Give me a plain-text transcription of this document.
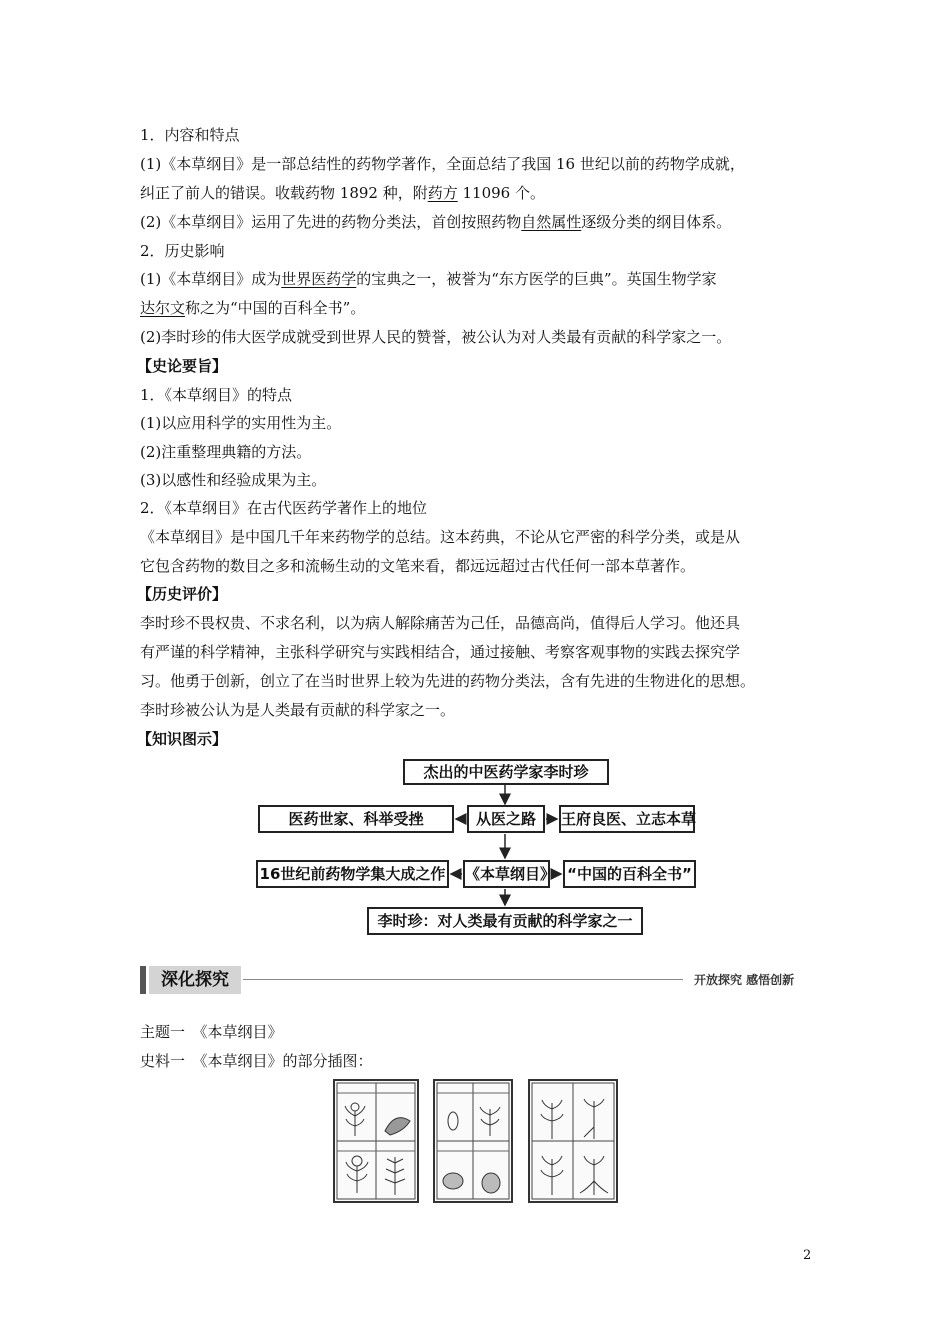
1．内容和特点
(1)《本草纲目》是一部总结性的药物学著作，全面总结了我国 16 世纪以前的药物学成就，
纠正了前人的错误。收载药物 1892 种，附药方 11096 个。
(2)《本草纲目》运用了先进的药物分类法，首创按照药物自然属性逐级分类的纲目体系。
2．历史影响
(1)《本草纲目》成为世界医药学的宝典之一，被誉为“东方医学的巨典”。英国生物学家
达尔文称之为“中国的百科全书”。
(2)李时珍的伟大医学成就受到世界人民的赞誉，被公认为对人类最有贡献的科学家之一。
【史论要旨】
1．《本草纲目》的特点
(1)以应用科学的实用性为主。
(2)注重整理典籍的方法。
(3)以感性和经验成果为主。
2．《本草纲目》在古代医药学著作上的地位
《本草纲目》是中国几千年来药物学的总结。这本药典，不论从它严密的科学分类，或是从
它包含药物的数目之多和流畅生动的文笔来看，都远远超过古代任何一部本草著作。
【历史评价】
李时珍不畏权贵、不求名利，以为病人解除痛苦为己任，品德高尚，值得后人学习。他还具
有严谨的科学精神，主张科学研究与实践相结合，通过接触、考察客观事物的实践去探究学
习。他勇于创新，创立了在当时世界上较为先进的药物分类法，含有先进的生物进化的思想。
李时珍被公认为是人类最有贡献的科学家之一。
【知识图示】
杰出的中医药学家李时珍
医药世家、科举受挫	从医之路	王府良医、立志本草
16世纪前药物学集大成之作 《本草纲目》 “中国的百科全书”
李时珍：对人类最有贡献的科学家之一
深化探究	开放探究 感悟创新
主题一　《本草纲目》
史料一　《本草纲目》的部分插图：
2
